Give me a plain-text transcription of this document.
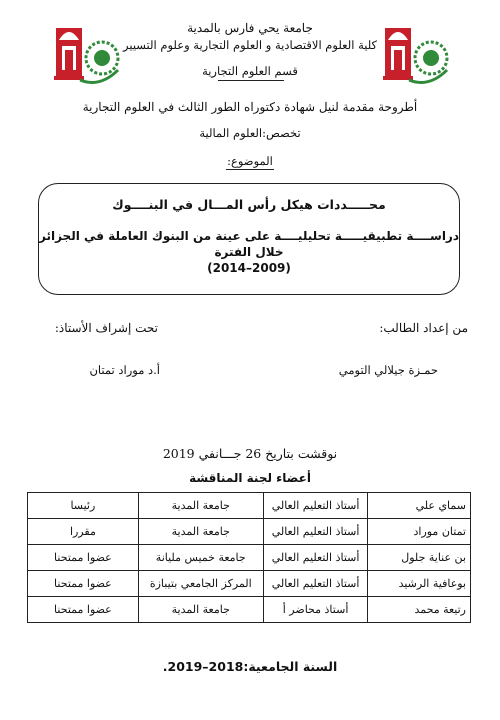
جامعة يحي فارس بالمدية
كلية العلوم الاقتصادية و العلوم التجارية وعلوم التسيير
قسم العلوم التجارية
أطروحة مقدمة لنيل شهادة دكتوراه الطور الثالث في العلوم التجارية
تخصص:العلوم المالية
الموضوع:
محـــــددات هيكل رأس المـــال في البنــــوك
دراســــة تطبيقيـــــة تحليليــــة على عينة من البنوك العاملة في الجزائر خلال الفترة
(2014–2009)
من إعداد الطالب:
تحت إشراف الأستاذ:
حمـزة جيلالي التومي
أ.د موراد تمتان
نوقشت بتاريخ 26 جـــانفي 2019
أعضاء لجنة المناقشة
سماي علي	أستاذ التعليم العالي	جامعة المدية	رئيسا
تمتان موراد	أستاذ التعليم العالي	جامعة المدية	مقررا
بن عناية جلول	أستاذ التعليم العالي	جامعة خميس مليانة	عضوا ممتحنا
بوعافية الرشيد	أستاذ التعليم العالي	المركز الجامعي بتيبازة	عضوا ممتحنا
رتيعة محمد	أستاذ محاضر أ	جامعة المدية	عضوا ممتحنا
السنة الجامعية:2018–2019.
